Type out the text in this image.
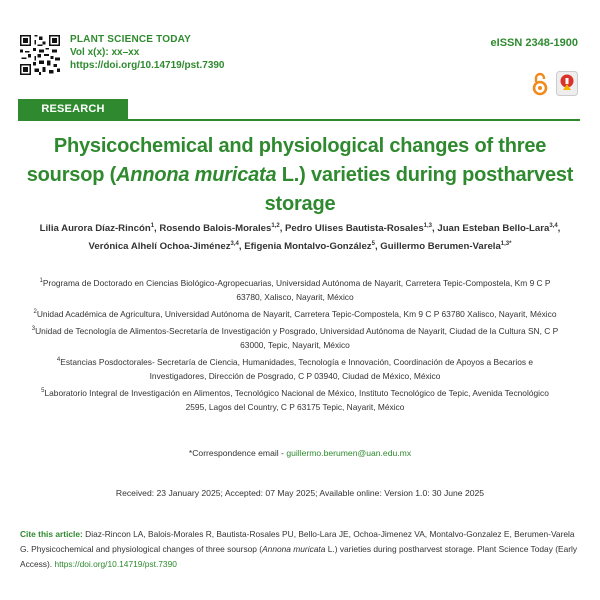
PLANT SCIENCE TODAY
Vol x(x): xx–xx
https://doi.org/10.14719/pst.7390
eISSN 2348-1900
RESEARCH ARTICLE
Physicochemical and physiological changes of three soursop (Annona muricata L.) varieties during postharvest storage
Lilia Aurora Díaz-Rincón$^1$, Rosendo Balois-Morales$^{1,2}$, Pedro Ulises Bautista-Rosales$^{1,3}$, Juan Esteban Bello-Lara$^{3,4}$,
Verónica Alhelí Ochoa-Jiménez$^{3,4}$, Efigenia Montalvo-González$^5$, Guillermo Berumen-Varela$^{1,3*}$
$^1$Programa de Doctorado en Ciencias Biológico-Agropecuarias, Universidad Autónoma de Nayarit, Carretera Tepic-Compostela, Km 9 C P 63780, Xalisco, Nayarit, México
$^2$Unidad Académica de Agricultura, Universidad Autónoma de Nayarit, Carretera Tepic-Compostela, Km 9 C P 63780 Xalisco, Nayarit, México
$^3$Unidad de Tecnología de Alimentos-Secretaría de Investigación y Posgrado, Universidad Autónoma de Nayarit, Ciudad de la Cultura SN, C P 63000, Tepic, Nayarit, México
$^4$Estancias Posdoctorales- Secretaría de Ciencia, Humanidades, Tecnología e Innovación, Coordinación de Apoyos a Becarios e Investigadores, Dirección de Posgrado, C P 03940, Ciudad de México, México
$^5$Laboratorio Integral de Investigación en Alimentos, Tecnológico Nacional de México, Instituto Tecnológico de Tepic, Avenida Tecnológico 2595, Lagos del Country, C P 63175 Tepic, Nayarit, México
*Correspondence email - guillermo.berumen@uan.edu.mx
Received: 23 January 2025; Accepted: 07 May 2025; Available online: Version 1.0: 30 June 2025
Cite this article: Diaz-Rincon LA, Balois-Morales R, Bautista-Rosales PU, Bello-Lara JE, Ochoa-Jimenez VA, Montalvo-Gonzalez E, Berumen-Varela G. Physicochemical and physiological changes of three soursop (Annona muricata L.) varieties during postharvest storage. Plant Science Today (Early Access). https://doi.org/10.14719/pst.7390
